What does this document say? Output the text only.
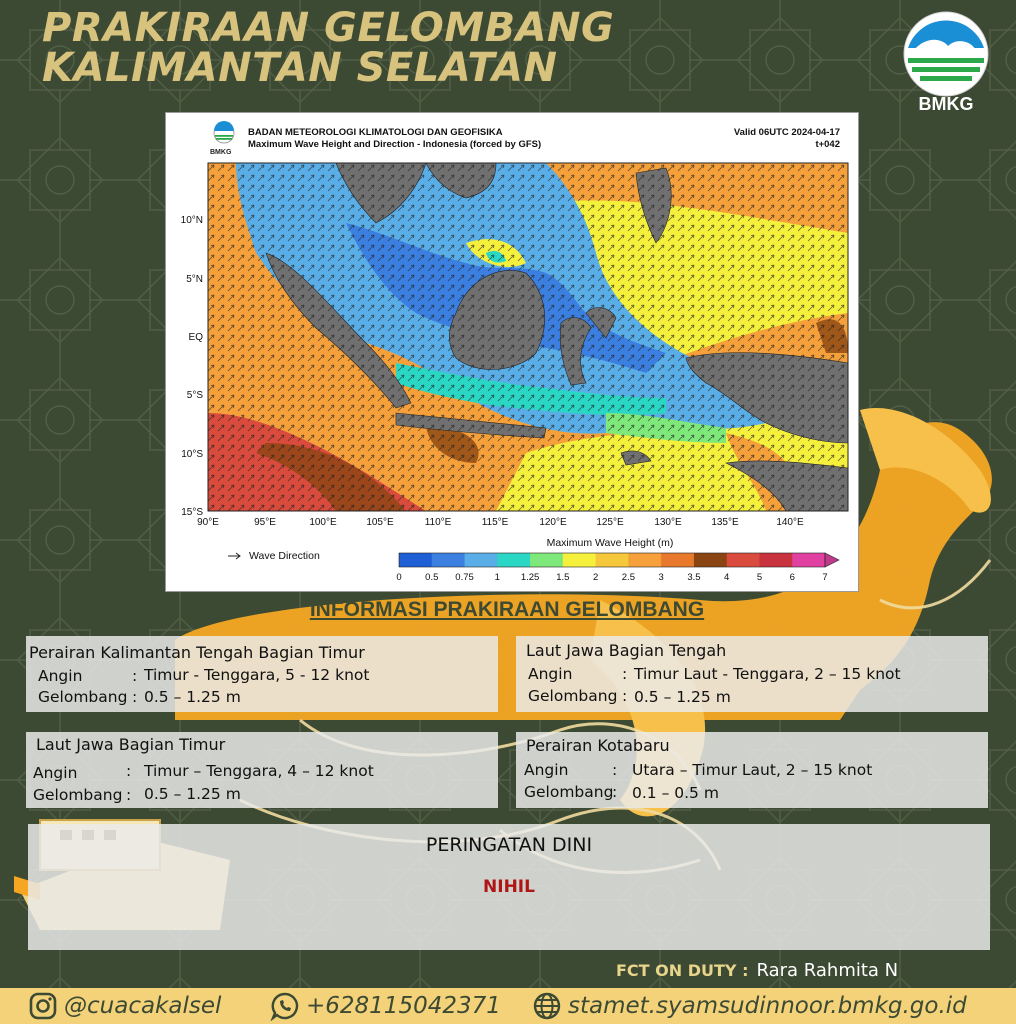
PRAKIRAAN GELOMBANG
KALIMANTAN SELATAN
BMKG
BMKG
BADAN METEOROLOGI KLIMATOLOGI DAN GEOFISIKA
Maximum Wave Height and Direction - Indonesia (forced by GFS)
Valid 06UTC 2024-04-17
t+042
10°N
5°N
EQ
5°S
10°S
15°S
90°E	95°E	100°E	105°E	110°E	115°E	120°E	125°E	130°E	135°E	140°E
Wave Direction
Maximum Wave Height (m)
0 0.5 0.75 1 1.25 1.5 2 2.5 3 3.5 4	5	6	7
INFORMASI PRAKIRAAN GELOMBANG
Perairan Kalimantan Tengah Bagian Timur
Angin	: Timur - Tenggara, 5 - 12 knot
Gelombang : 0.5 – 1.25 m
Laut Jawa Bagian Tengah
Angin	: Timur Laut - Tenggara, 2 – 15 knot
Gelombang : 0.5 – 1.25 m
Laut Jawa Bagian Timur
Angin	: Timur – Tenggara, 4 – 12 knot
Gelombang : 0.5 – 1.25 m
Perairan Kotabaru
Angin	: Utara – Timur Laut, 2 – 15 knot
Gelombang
: 0.1 – 0.5 m
PERINGATAN DINI
NIHIL
FCT ON DUTY : Rara Rahmita N
@cuacakalsel	+628115042371	stamet.syamsudinnoor.bmkg.go.id
